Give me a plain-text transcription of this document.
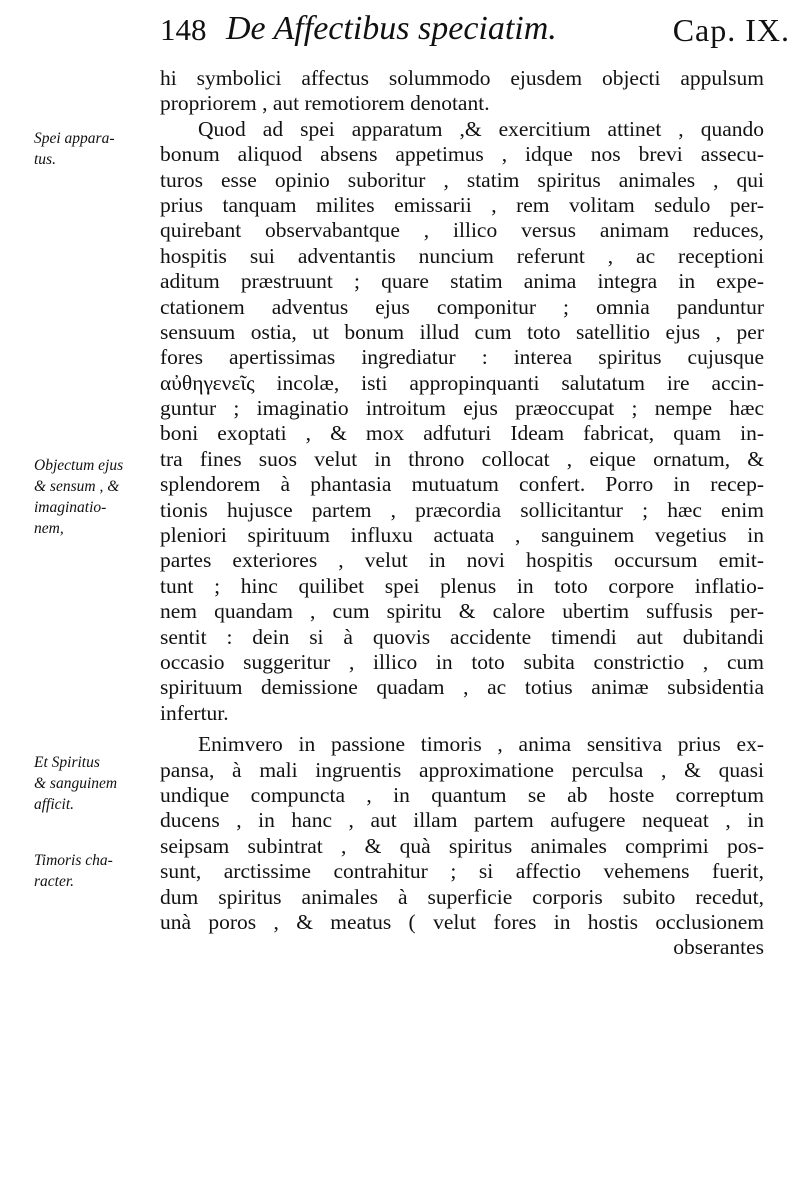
148 De Affectibus speciatim.	Cap. IX.
Spei appara-
tus.
Objectum ejus
& sensum , &
imaginatio-
nem,
Et Spiritus
& sanguinem
afficit.
Timoris cha-
racter.
hi symbolici affectus solummodo ejusdem objecti appulsum
propriorem , aut remotiorem denotant.
Quod ad spei apparatum ,& exercitium attinet , quando
bonum aliquod absens appetimus , idque nos brevi assecu-
turos esse opinio suboritur , statim spiritus animales , qui
prius tanquam milites emissarii , rem volitam sedulo per-
quirebant observabantque , illico versus animam reduces,
hospitis sui adventantis nuncium referunt , ac receptioni
aditum præstruunt ; quare statim anima integra in expe-
ctationem adventus ejus componitur ; omnia panduntur
sensuum ostia, ut bonum illud cum toto satellitio ejus , per
fores apertissimas ingrediatur : interea spiritus cujusque
αὐθηγενεῖς incolæ, isti appropinquanti salutatum ire accin-
guntur ; imaginatio introitum ejus præoccupat ; nempe hæc
boni exoptati , & mox adfuturi Ideam fabricat, quam in-
tra fines suos velut in throno collocat , eique ornatum, &
splendorem à phantasia mutuatum confert. Porro in recep-
tionis hujusce partem , præcordia sollicitantur ; hæc enim
pleniori spirituum influxu actuata , sanguinem vegetius in
partes exteriores , velut in novi hospitis occursum emit-
tunt ; hinc quilibet spei plenus in toto corpore inflatio-
nem quandam , cum spiritu & calore ubertim suffusis per-
sentit : dein si à quovis accidente timendi aut dubitandi
occasio suggeritur , illico in toto subita constrictio , cum
spirituum demissione quadam , ac totius animæ subsidentia
infertur.
Enimvero in passione timoris , anima sensitiva prius ex-
pansa, à mali ingruentis approximatione perculsa , & quasi
undique compuncta , in quantum se ab hoste correptum
ducens , in hanc , aut illam partem aufugere nequeat , in
seipsam subintrat , & quà spiritus animales comprimi pos-
sunt, arctissime contrahitur ; si affectio vehemens fuerit,
dum spiritus animales à superficie corporis subito recedut,
unà poros , & meatus ( velut fores in hostis occlusionem
obserantes
